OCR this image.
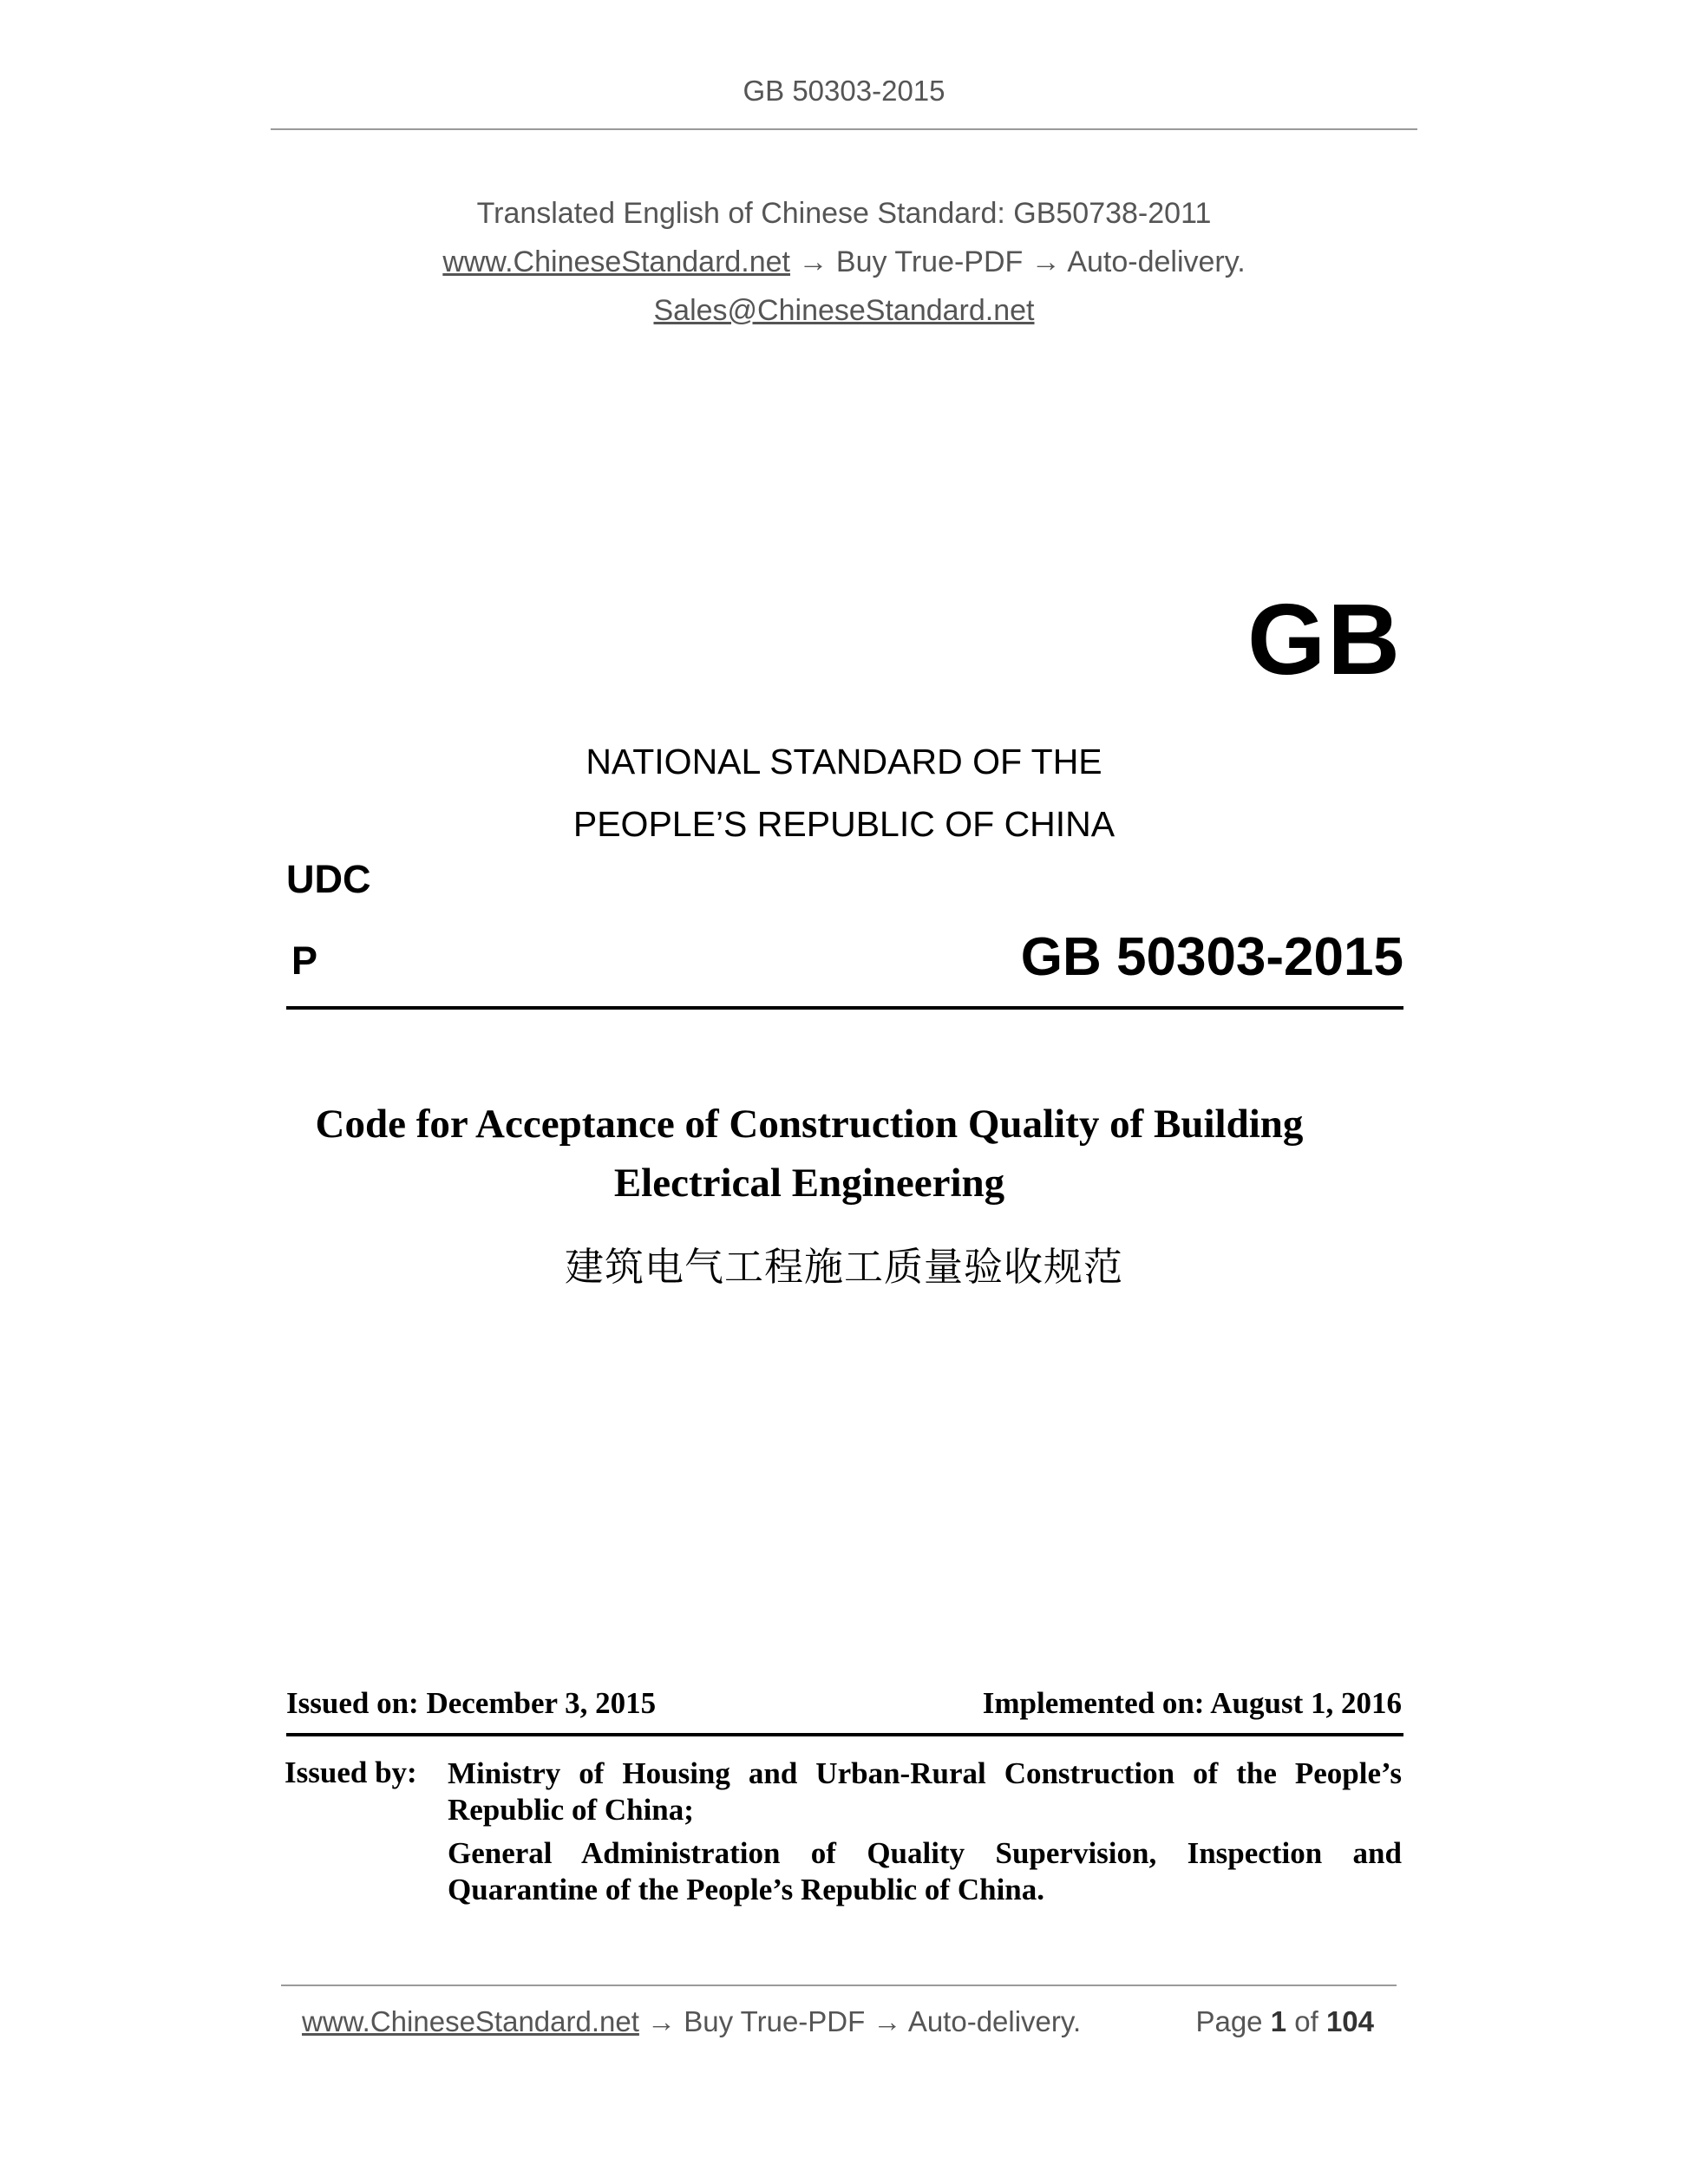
GB 50303-2015
Translated English of Chinese Standard: GB50738-2011
www.ChineseStandard.net → Buy True-PDF → Auto-delivery.
Sales@ChineseStandard.net
GB
NATIONAL STANDARD OF THE
PEOPLE’S REPUBLIC OF CHINA
UDC
P	GB 50303-2015
Code for Acceptance of Construction Quality of Building
Electrical Engineering
建筑电气工程施工质量验收规范
Issued on: December 3, 2015	Implemented on: August 1, 2016
Issued by: Ministry of Housing and Urban-Rural Construction of the People’s Republic of China;

General Administration of Quality Supervision, Inspection and Quarantine of the People’s Republic of China.

www.ChineseStandard.net → Buy True-PDF → Auto-delivery.	Page 1 of 104
